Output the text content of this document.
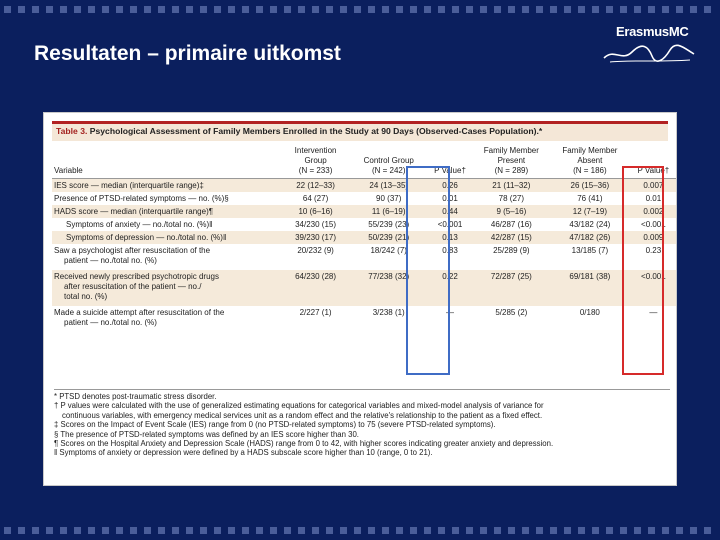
Resultaten – primaire uitkomst
ErasmusMC
Table 3. Psychological Assessment of Family Members Enrolled in the Study at 90 Days (Observed-Cases Population).*
Variable	Intervention
Group
(N = 233)	Control Group
(N = 242)	P Value†	Family Member
Present
(N = 289)	Family Member
Absent
(N = 186)	P Value†
IES score — median (interquartile range)‡	22 (12–33)	24 (13–35)	0.26	21 (11–32)	26 (15–36)	0.007
Presence of PTSD-related symptoms — no. (%)§	64 (27)	90 (37)	0.01	78 (27)	76 (41)	0.01
HADS score — median (interquartile range)¶	10 (6–16)	11 (6–19)	0.44	9 (5–16)	12 (7–19)	0.002
Symptoms of anxiety — no./total no. (%)‖	34/230 (15)	55/239 (23)	<0.001	46/287 (16)	43/182 (24)	<0.001
Symptoms of depression — no./total no. (%)‖	39/230 (17)	50/239 (21)	0.13	42/287 (15)	47/182 (26)	0.009
Saw a psychologist after resuscitation of the
patient — no./total no. (%)	20/232 (9)	18/242 (7)	0.83	25/289 (9)	13/185 (7)	0.23
Received newly prescribed psychotropic drugs
after resuscitation of the patient — no./
total no. (%)	64/230 (28)	77/238 (32)	0.22	72/287 (25)	69/181 (38)	<0.001
Made a suicide attempt after resuscitation of the
patient — no./total no. (%)	2/227 (1)	3/238 (1)	—	5/285 (2)	0/180	—
* PTSD denotes post-traumatic stress disorder.
† P values were calculated with the use of generalized estimating equations for categorical variables and mixed-model analysis of variance for
continuous variables, with emergency medical services unit as a random effect and the relative's relationship to the patient as a fixed effect.
‡ Scores on the Impact of Event Scale (IES) range from 0 (no PTSD-related symptoms) to 75 (severe PTSD-related symptoms).
§ The presence of PTSD-related symptoms was defined by an IES score higher than 30.
¶ Scores on the Hospital Anxiety and Depression Scale (HADS) range from 0 to 42, with higher scores indicating greater anxiety and depression.
‖ Symptoms of anxiety or depression were defined by a HADS subscale score higher than 10 (range, 0 to 21).
